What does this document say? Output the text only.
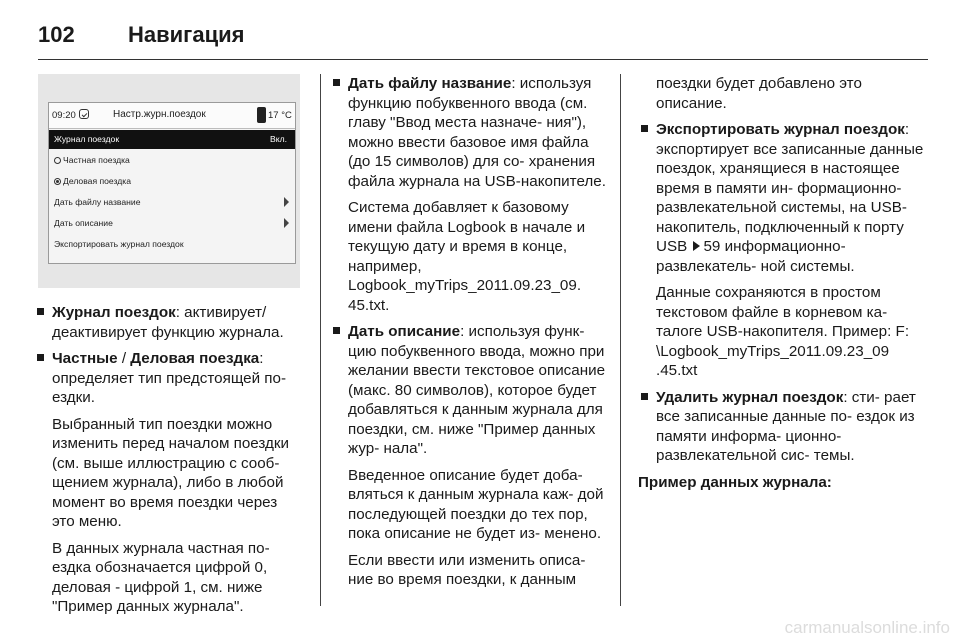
102 Навигация
09:20	Настр.журн.поездок	17 °C
Журнал поездок	Вкл.
Частная поездка
Деловая поездка
Дать файлу название
Дать описание
Экспортировать журнал поездок
Журнал поездок: активирует/ деактивирует функцию журнала.
Частные / Деловая поездка: определяет тип предстоящей по- ездки.
Выбранный тип поездки можно изменить перед началом поездки (см. выше иллюстрацию с сооб- щением журнала), либо в любой момент во время поездки через это меню.
В данных журнала частная по- ездка обозначается цифрой 0, деловая - цифрой 1, см. ниже "Пример данных журнала".
Дать файлу название: используя функцию побуквенного ввода (см. главу "Ввод места назначе- ния"), можно ввести базовое имя файла (до 15 символов) для со- хранения файла журнала на USB-накопителе.
Система добавляет к базовому имени файла Logbook в начале и текущую дату и время в конце, например, Logbook_myTrips_2011.09.23_09. 45.txt.
Дать описание: используя функ- цию побуквенного ввода, можно при желании ввести текстовое описание (макс. 80 символов), которое будет добавляться к данным журнала для поездки, см. ниже "Пример данных жур- нала".
Введенное описание будет доба- вляться к данным журнала каж- дой последующей поездки до тех пор, пока описание не будет из- менено.
Если ввести или изменить описа- ние во время поездки, к данным
поездки будет добавлено это описание.
Экспортировать журнал поездок: экспортирует все записанные данные поездок, хранящиеся в настоящее время в памяти ин- формационно-развлекательной системы, на USB-накопитель, подключенный к порту USB 59 информационно-развлекатель- ной системы.
Данные сохраняются в простом текстовом файле в корневом ка- талоге USB-накопителя. Пример: F: \Logbook_myTrips_2011.09.23_09 .45.txt
Удалить журнал поездок: сти- рает все записанные данные по- ездок из памяти информа- ционно-развлекательной сис- темы.
Пример данных журнала:
carmanualsonline.info
